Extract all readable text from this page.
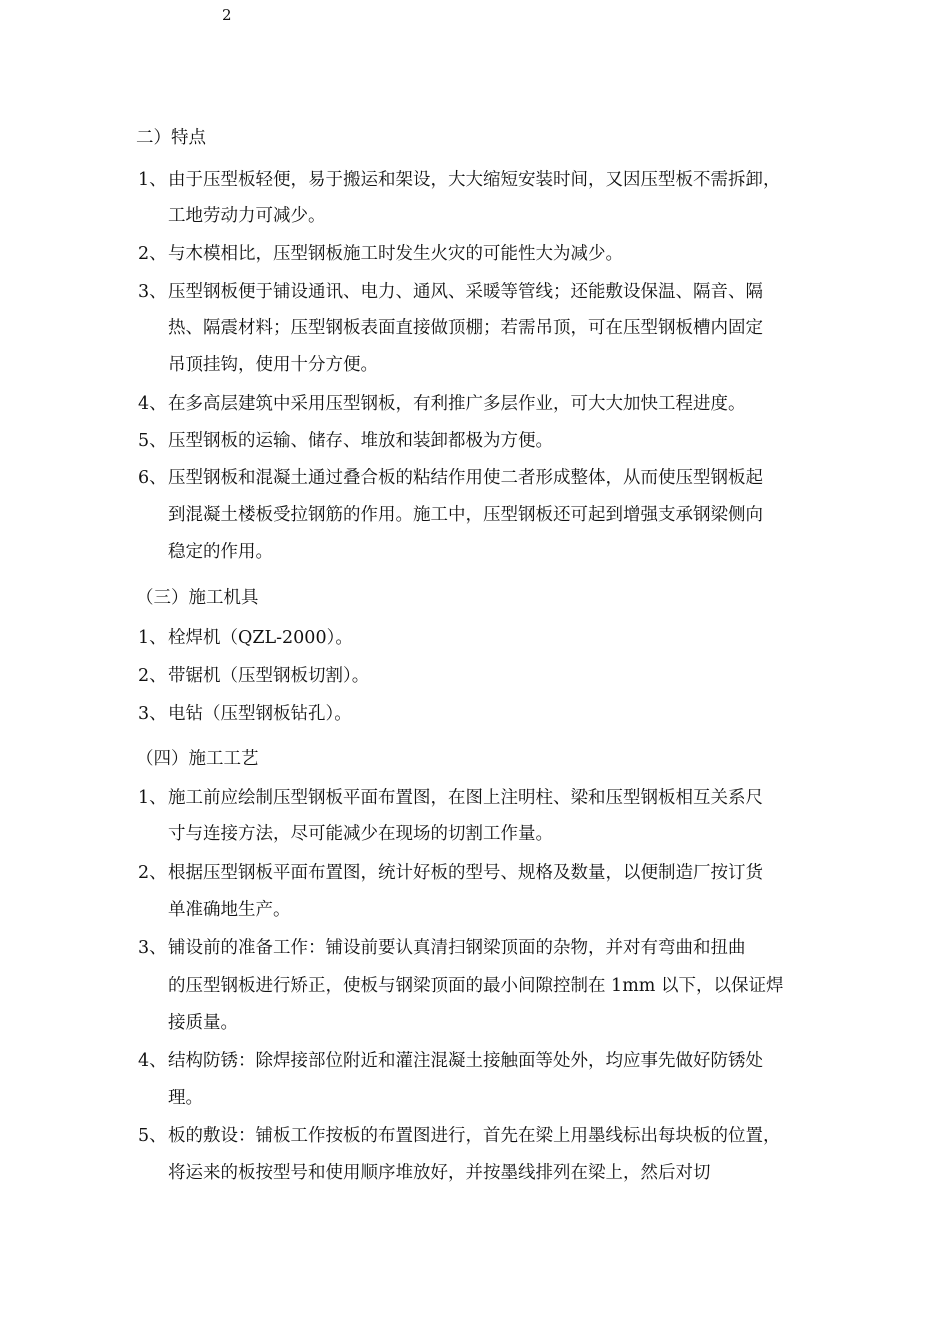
2
二）特点
1、 由于压型板轻便，易于搬运和架设，大大缩短安装时间，又因压型板不需拆卸，
工地劳动力可减少。
2、 与木模相比，压型钢板施工时发生火灾的可能性大为减少。
3、 压型钢板便于铺设通讯、电力、通风、采暖等管线；还能敷设保温、隔音、隔
热、隔震材料；压型钢板表面直接做顶棚；若需吊顶，可在压型钢板槽内固定
吊顶挂钩，使用十分方便。
4、 在多高层建筑中采用压型钢板，有利推广多层作业，可大大加快工程进度。
5、 压型钢板的运输、储存、堆放和装卸都极为方便。
6、 压型钢板和混凝土通过叠合板的粘结作用使二者形成整体，从而使压型钢板起
到混凝土楼板受拉钢筋的作用。施工中，压型钢板还可起到增强支承钢梁侧向
稳定的作用。
（三）施工机具
1、 栓焊机（QZL-2000）。
2、 带锯机（压型钢板切割）。
3、 电钻（压型钢板钻孔）。
（四）施工工艺
1、 施工前应绘制压型钢板平面布置图，在图上注明柱、梁和压型钢板相互关系尺
寸与连接方法，尽可能减少在现场的切割工作量。
2、 根据压型钢板平面布置图，统计好板的型号、规格及数量，以便制造厂按订货
单准确地生产。
3、 铺设前的准备工作：铺设前要认真清扫钢梁顶面的杂物，并对有弯曲和扭曲
的压型钢板进行矫正，使板与钢梁顶面的最小间隙控制在 1mm 以下，以保证焊
接质量。
4、 结构防锈：除焊接部位附近和灌注混凝土接触面等处外，均应事先做好防锈处
理。
5、 板的敷设：铺板工作按板的布置图进行，首先在梁上用墨线标出每块板的位置，
将运来的板按型号和使用顺序堆放好，并按墨线排列在梁上，然后对切
